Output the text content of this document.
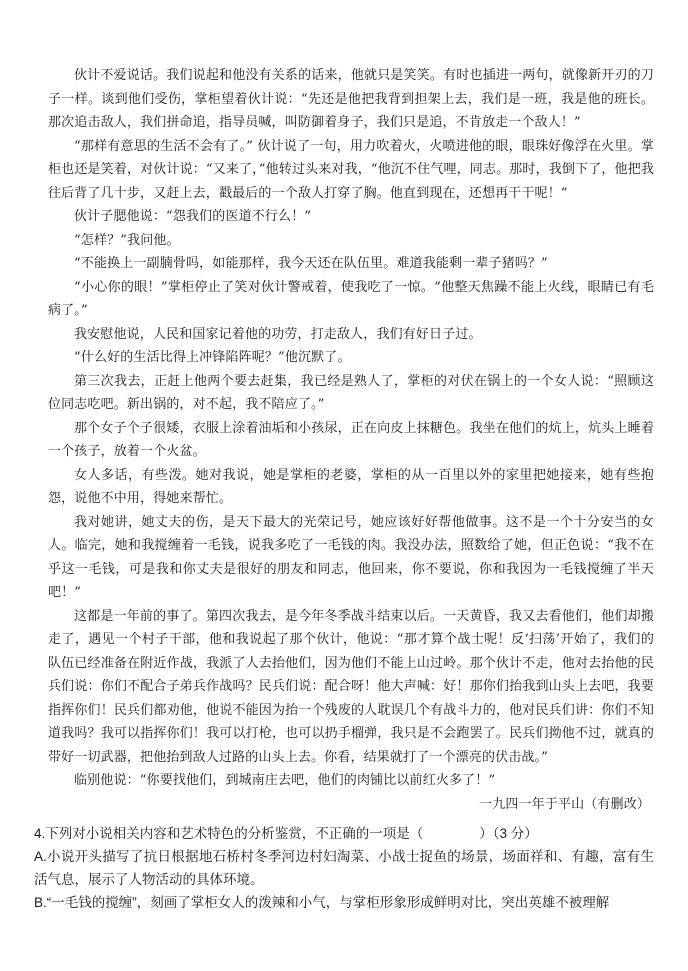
伙计不爱说话。我们说起和他没有关系的话来，他就只是笑笑。有时也插进一两句，就像新开刃的刀子一样。谈到他们受伤，掌柜望着伙计说：“先还是他把我背到担架上去，我们是一班，我是他的班长。那次追击敌人，我们拼命追，指导员喊，叫防御着身子，我们只是追，不肯放走一个敌人！”

“那样有意思的生活不会有了。” 伙计说了一句，用力吹着火，火喷进他的眼，眼珠好像浮在火里。掌柜也还是笑着，对伙计说：“又来了，”他转过头来对我，“他沉不住气哩，同志。那时，我倒下了，他把我往后背了几十步，又赶上去，戳最后的一个敌人打穿了胸。他直到现在，还想再干干呢！”

伙计子腮他说：“怨我们的医道不行么！”

“怎样？”我问他。

“不能换上一副腩骨吗，如能那样，我今天还在队伍里。难道我能剩一辈子猪吗？”

“小心你的眼！”掌柜停止了笑对伙计警戒着，使我吃了一惊。“他整天焦躁不能上火线，眼睛已有毛病了。”

我安慰他说，人民和国家记着他的功劳，打走敌人，我们有好日子过。

“什么好的生活比得上冲锋陷阵呢？”他沉默了。

第三次我去，正赶上他两个要去赶集，我已经是熟人了，掌柜的对伏在锅上的一个女人说：“照顾这位同志吃吧。新出锅的，对不起，我不陪应了。”

那个女子个子很矮，衣服上涂着油垢和小孩尿，正在向皮上抹糖色。我坐在他们的炕上，炕头上睡着一个孩子，放着一个火盆。

女人多话，有些泼。她对我说，她是掌柜的老婆，掌柜的从一百里以外的家里把她接来，她有些抱怨，说他不中用，得她来帮忙。

我对她讲，她丈夫的伤，是天下最大的光荣记号，她应该好好帮他做事。这不是一个十分安当的女人。临完，她和我搅缠着一毛钱，说我多吃了一毛钱的肉。我没办法，照数给了她，但正色说：“我不在乎这一毛钱，可是我和你丈夫是很好的朋友和同志，他回来，你不要说，你和我因为一毛钱搅缠了半天吧！”

这都是一年前的事了。第四次我去，是今年冬季战斗结束以后。一天黄昏，我又去看他们，他们却搬走了，遇见一个村子干部，他和我说起了那个伙计，他说：“那才算个战士呢！反‘扫荡’开始了，我们的队伍已经准备在附近作战，我派了人去抬他们，因为他们不能上山过岭。那个伙计不走，他对去抬他的民兵们说：你们不配合子弟兵作战吗？民兵们说：配合呀！他大声喊：好！那你们抬我到山头上去吧，我要指挥你们！民兵们都劝他，他说不能因为抬一个残废的人耽误几个有战斗力的，他对民兵们讲：你们不知道我吗？我可以指挥你们！我可以打枪，也可以扔手榴弹，我只是不会跑罢了。民兵们拗他不过，就真的带好一切武器，把他抬到敌人过路的山头上去。你看，结果就打了一个漂亮的伏击战。”

临别他说：“你要找他们，到城南庄去吧，他们的肉铺比以前红火多了！”

一九四一年于平山（有删改）

4.下列对小说相关内容和艺术特色的分析鉴赏，不正确的一项是（	）（3 分）

A.小说开头描写了抗日根据地石桥村冬季河边村妇淘菜、小战士捉鱼的场景，场面祥和、有趣，富有生活气息，展示了人物活动的具体环境。

B.“一毛钱的搅缠”，刻画了掌柜女人的泼辣和小气，与掌柜形象形成鲜明对比，突出英雄不被理解
